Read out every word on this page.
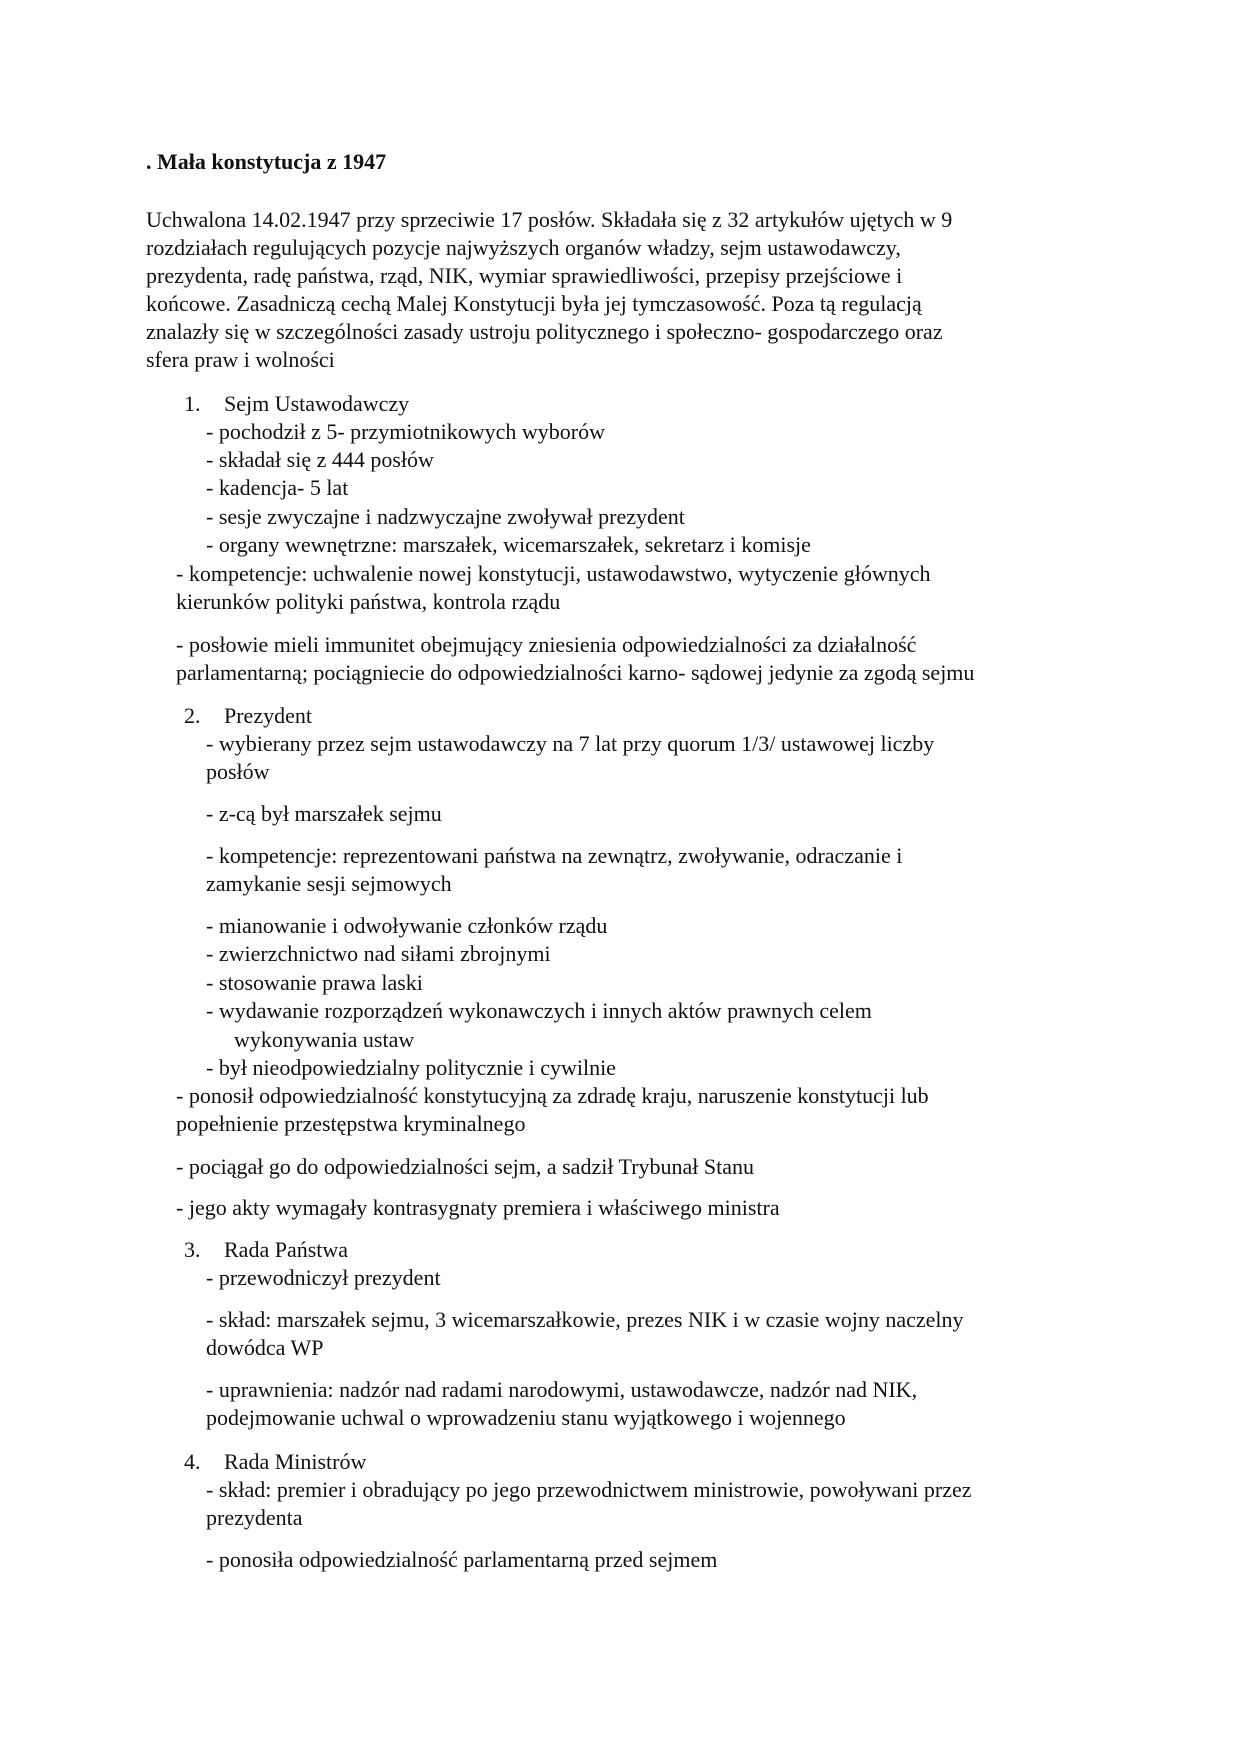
. Mała konstytucja z 1947

Uchwalona 14.02.1947 przy sprzeciwie 17 posłów. Składała się z 32 artykułów ujętych w 9

rozdziałach regulujących pozycje najwyższych organów władzy, sejm ustawodawczy,

prezydenta, radę państwa, rząd, NIK, wymiar sprawiedliwości, przepisy przejściowe i

końcowe. Zasadniczą cechą Malej Konstytucji była jej tymczasowość. Poza tą regulacją

znalazły się w szczególności zasady ustroju politycznego i społeczno- gospodarczego oraz

sfera praw i wolności

1. Sejm Ustawodawczy
- pochodził z 5- przymiotnikowych wyborów
- składał się z 444 posłów
- kadencja- 5 lat
- sesje zwyczajne i nadzwyczajne zwoływał prezydent
- organy wewnętrzne: marszałek, wicemarszałek, sekretarz i komisje
- kompetencje: uchwalenie nowej konstytucji, ustawodawstwo, wytyczenie głównych
kierunków polityki państwa, kontrola rządu
- posłowie mieli immunitet obejmujący zniesienia odpowiedzialności za działalność
parlamentarną; pociągniecie do odpowiedzialności karno- sądowej jedynie za zgodą sejmu
2. Prezydent
- wybierany przez sejm ustawodawczy na 7 lat przy quorum 1/3/ ustawowej liczby
posłów
- z-cą był marszałek sejmu
- kompetencje: reprezentowani państwa na zewnątrz, zwoływanie, odraczanie i
zamykanie sesji sejmowych
- mianowanie i odwoływanie członków rządu
- zwierzchnictwo nad siłami zbrojnymi
- stosowanie prawa laski
- wydawanie rozporządzeń wykonawczych i innych aktów prawnych celem
wykonywania ustaw
- był nieodpowiedzialny politycznie i cywilnie
- ponosił odpowiedzialność konstytucyjną za zdradę kraju, naruszenie konstytucji lub
popełnienie przestępstwa kryminalnego
- pociągał go do odpowiedzialności sejm, a sadził Trybunał Stanu
- jego akty wymagały kontrasygnaty premiera i właściwego ministra
3. Rada Państwa
- przewodniczył prezydent
- skład: marszałek sejmu, 3 wicemarszałkowie, prezes NIK i w czasie wojny naczelny
dowódca WP
- uprawnienia: nadzór nad radami narodowymi, ustawodawcze, nadzór nad NIK,
podejmowanie uchwal o wprowadzeniu stanu wyjątkowego i wojennego
4. Rada Ministrów
- skład: premier i obradujący po jego przewodnictwem ministrowie, powoływani przez
prezydenta
- ponosiła odpowiedzialność parlamentarną przed sejmem
